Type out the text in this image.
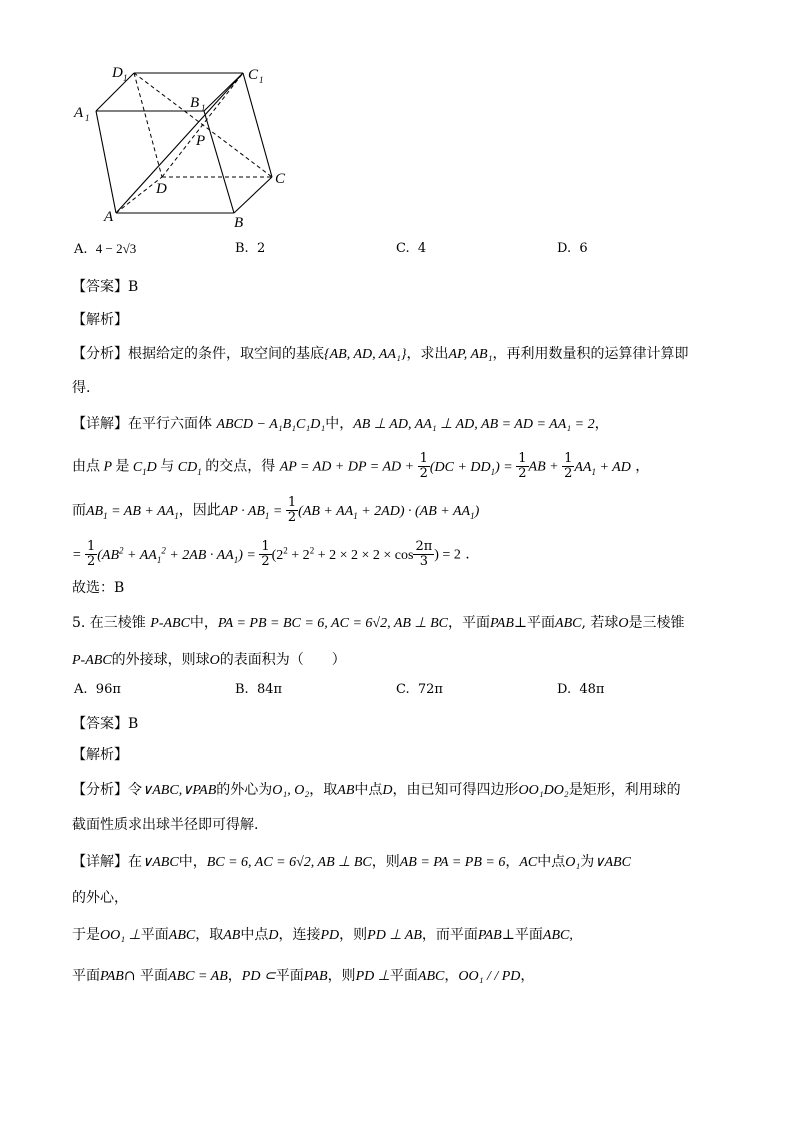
D 1	C 1
A 1
B 1
P
D
C
A	B
A. 4 − 2√3	B. 2	C. 4	D. 6
【答案】B
【解析】
【分析】根据给定的条件，取空间的基底{AB, AD, AA₁}，求出AP, AB₁，再利用数量积的运算律计算即
得.
【详解】在平行六面体 ABCD − A₁B₁C₁D₁中，AB ⊥ AD, AA₁ ⊥ AD, AB = AD = AA₁ = 2，
由点 P 是 $C_1D$ 与 $CD_1$ 的交点，得 AP = AD + DP = AD + $\frac{1}{2} (DC + DD_1) = \frac{1}{2}$ AB + $\frac{1}{2} AA_1$ + AD ，
而$AB_1$ = AB + $AA_1$，因此AP · $AB_1 = \frac{1}{2} (AB + AA_1 + 2AD) \cdot (AB + AA_1)$
= $\frac{1}{2} (AB^2 + AA_1^2 + 2AB \cdot AA_1) = \frac{1}{2} (2^2 + 2^2 + 2 \times 2 \times 2 \times \cos \frac{2\pi}{3}$ ) = 2 .
故选：B
5. 在三棱锥 P-ABC中，PA = PB = BC = 6, AC = 6√2, AB ⊥ BC，平面PAB⊥平面ABC, 若球O是三棱锥
P-ABC的外接球，则球O的表面积为（　　）
A. 96π	B. 84π	C. 72π	D. 48π
【答案】B
【解析】
【分析】令∨ABC,∨PAB的外心为O₁, O₂，取AB中点D，由已知可得四边形OO₁DO₂是矩形，利用球的
截面性质求出球半径即可得解.
【详解】在∨ABC中，BC = 6, AC = 6√2, AB ⊥ BC，则AB = PA = PB = 6，AC中点O₁为∨ABC
的外心，
于是OO₁ ⊥平面ABC，取AB中点D，连接PD，则PD ⊥ AB，而平面PAB⊥平面ABC,
平面PAB∩ 平面ABC = AB，PD ⊂平面PAB，则PD ⊥平面ABC，OO₁ / / PD，
